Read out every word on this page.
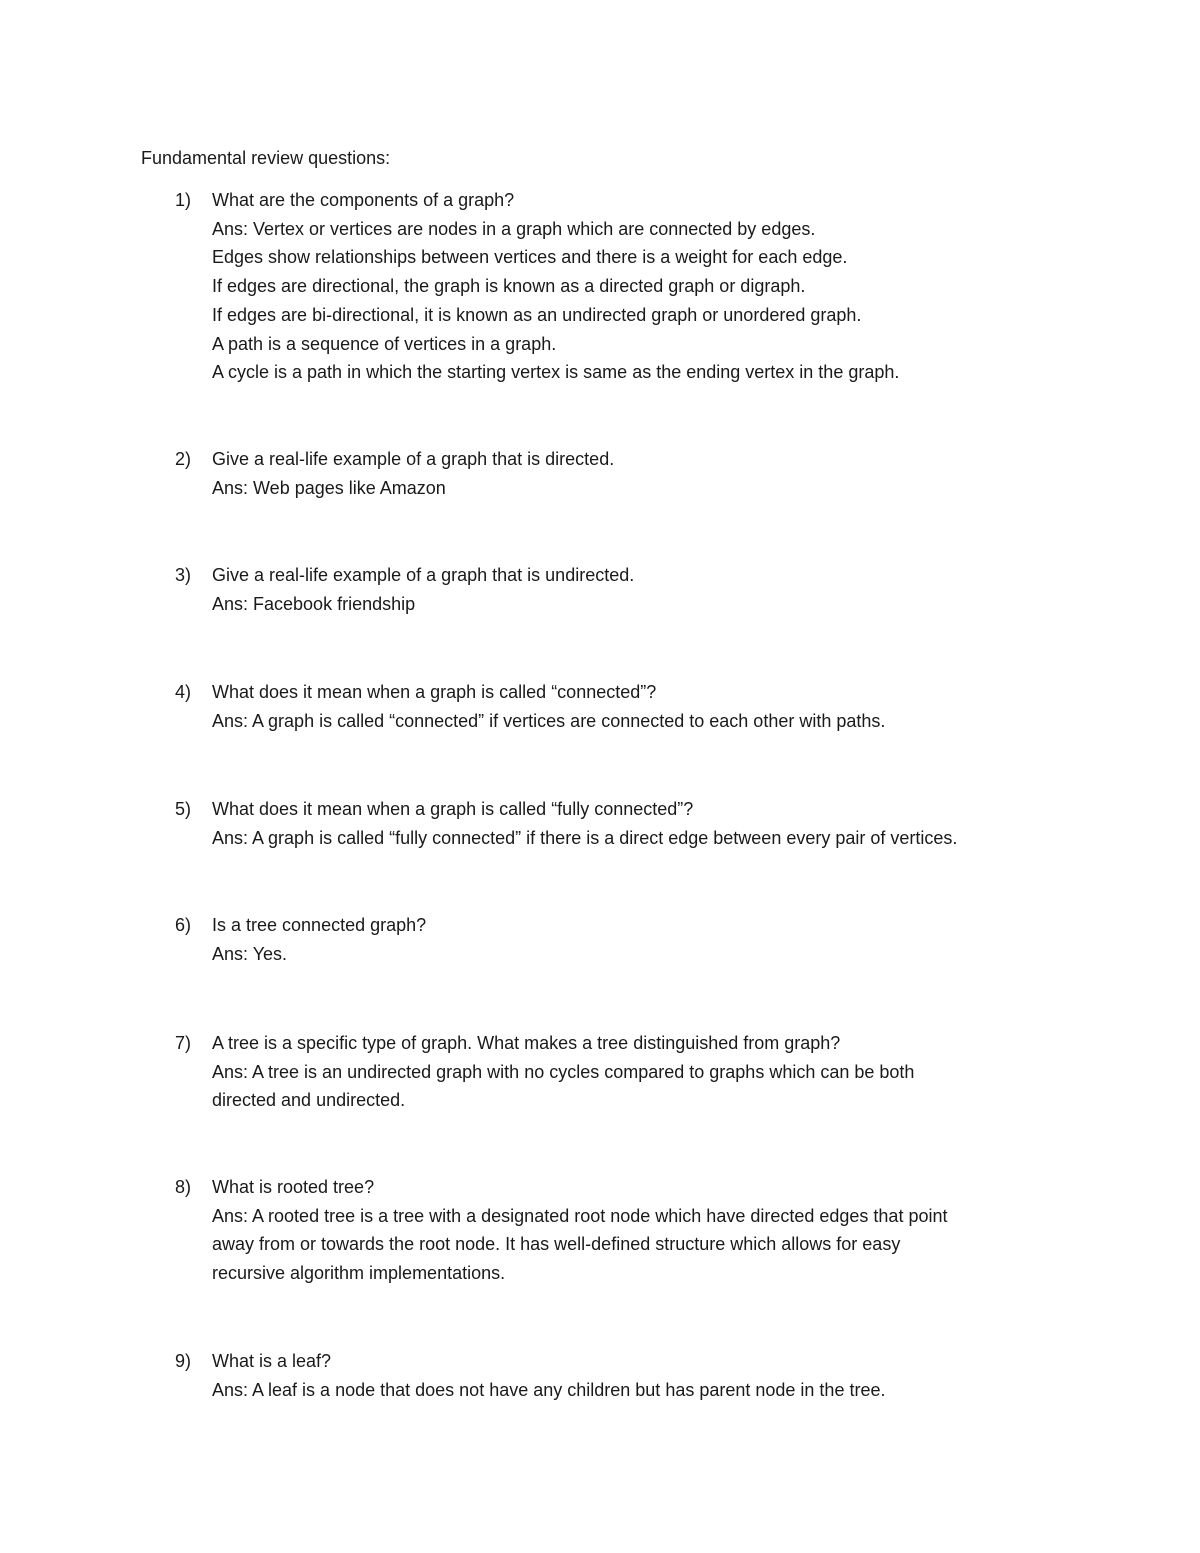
Fundamental review questions:
1) What are the components of a graph?
Ans: Vertex or vertices are nodes in a graph which are connected by edges.
Edges show relationships between vertices and there is a weight for each edge.
If edges are directional, the graph is known as a directed graph or digraph.
If edges are bi-directional, it is known as an undirected graph or unordered graph.
A path is a sequence of vertices in a graph.
A cycle is a path in which the starting vertex is same as the ending vertex in the graph.
2) Give a real-life example of a graph that is directed.
Ans: Web pages like Amazon
3) Give a real-life example of a graph that is undirected.
Ans: Facebook friendship
4) What does it mean when a graph is called “connected”?
Ans: A graph is called “connected” if vertices are connected to each other with paths.
5) What does it mean when a graph is called “fully connected”?
Ans: A graph is called “fully connected” if there is a direct edge between every pair of vertices.
6) Is a tree connected graph?
Ans: Yes.
7) A tree is a specific type of graph. What makes a tree distinguished from graph?
Ans: A tree is an undirected graph with no cycles compared to graphs which can be both
directed and undirected.
8) What is rooted tree?
Ans: A rooted tree is a tree with a designated root node which have directed edges that point
away from or towards the root node. It has well-defined structure which allows for easy
recursive algorithm implementations.
9) What is a leaf?
Ans: A leaf is a node that does not have any children but has parent node in the tree.
